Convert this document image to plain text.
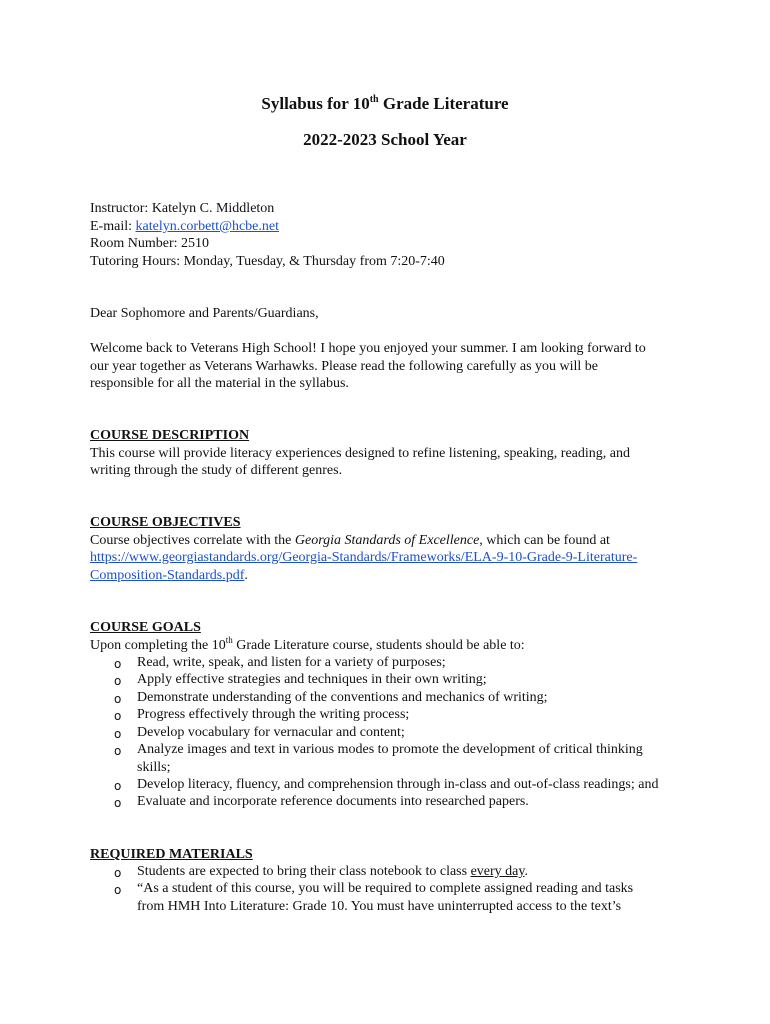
Syllabus for 10th Grade Literature
2022-2023 School Year
Instructor: Katelyn C. Middleton
E-mail: katelyn.corbett@hcbe.net
Room Number: 2510
Tutoring Hours: Monday, Tuesday, & Thursday from 7:20-7:40
Dear Sophomore and Parents/Guardians,
Welcome back to Veterans High School! I hope you enjoyed your summer. I am looking forward to
our year together as Veterans Warhawks. Please read the following carefully as you will be
responsible for all the material in the syllabus.
COURSE DESCRIPTION
This course will provide literacy experiences designed to refine listening, speaking, reading, and
writing through the study of different genres.
COURSE OBJECTIVES
Course objectives correlate with the Georgia Standards of Excellence, which can be found at
https://www.georgiastandards.org/Georgia-Standards/Frameworks/ELA-9-10-Grade-9-Literature-
Composition-Standards.pdf.
COURSE GOALS
Upon completing the 10th Grade Literature course, students should be able to:
o Read, write, speak, and listen for a variety of purposes;
o Apply effective strategies and techniques in their own writing;
o Demonstrate understanding of the conventions and mechanics of writing;
o Progress effectively through the writing process;
o Develop vocabulary for vernacular and content;
o Analyze images and text in various modes to promote the development of critical thinking
skills;
o Develop literacy, fluency, and comprehension through in-class and out-of-class readings; and
o Evaluate and incorporate reference documents into researched papers.
REQUIRED MATERIALS
o Students are expected to bring their class notebook to class every day.
o “As a student of this course, you will be required to complete assigned reading and tasks
from HMH Into Literature: Grade 10. You must have uninterrupted access to the text’s
